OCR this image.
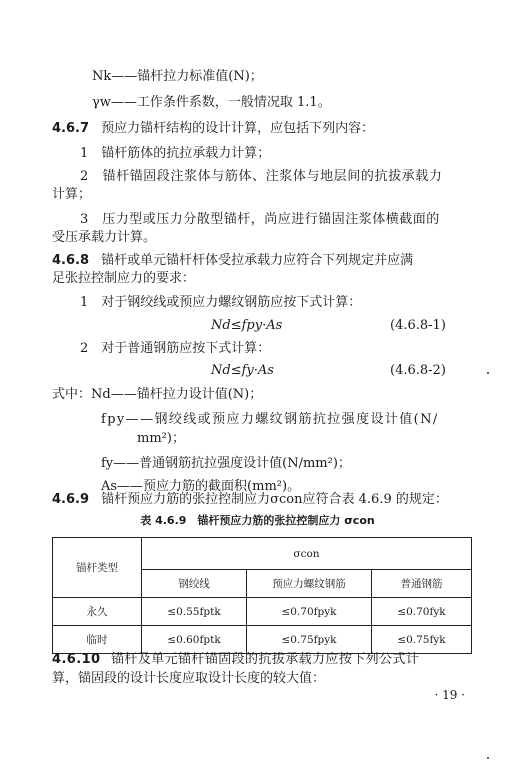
Nk——锚杆拉力标准值(N)；
γw——工作条件系数，一般情况取 1.1。
4.6.7 预应力锚杆结构的设计计算，应包括下列内容：
1　锚杆筋体的抗拉承载力计算；
2　锚杆锚固段注浆体与筋体、注浆体与地层间的抗拔承载力
计算；
3　压力型或压力分散型锚杆，尚应进行锚固注浆体横截面的
受压承载力计算。
4.6.8 锚杆或单元锚杆杆体受拉承载力应符合下列规定并应满
足张拉控制应力的要求：
1　对于钢绞线或预应力螺纹钢筋应按下式计算：
Nd≤fpy·As	(4.6.8-1)
2　对于普通钢筋应按下式计算：
Nd≤fy·As	(4.6.8-2)
式中：Nd——锚杆拉力设计值(N)；
fpy——钢绞线或预应力螺纹钢筋抗拉强度设计值(N/
mm²)；
fy——普通钢筋抗拉强度设计值(N/mm²)；
As——预应力筋的截面积(mm²)。
4.6.9 锚杆预应力筋的张拉控制应力σcon应符合表 4.6.9 的规定：
表 4.6.9　锚杆预应力筋的张拉控制应力 σcon
锚杆类型	σcon		
	钢绞线	预应力螺纹钢筋	普通钢筋
永久	≤0.55fptk	≤0.70fpyk	≤0.70fyk
临时	≤0.60fptk	≤0.75fpyk	≤0.75fyk
4.6.10 锚杆及单元锚杆锚固段的抗拔承载力应按下列公式计
算，锚固段的设计长度应取设计长度的较大值：
· 19 ·
